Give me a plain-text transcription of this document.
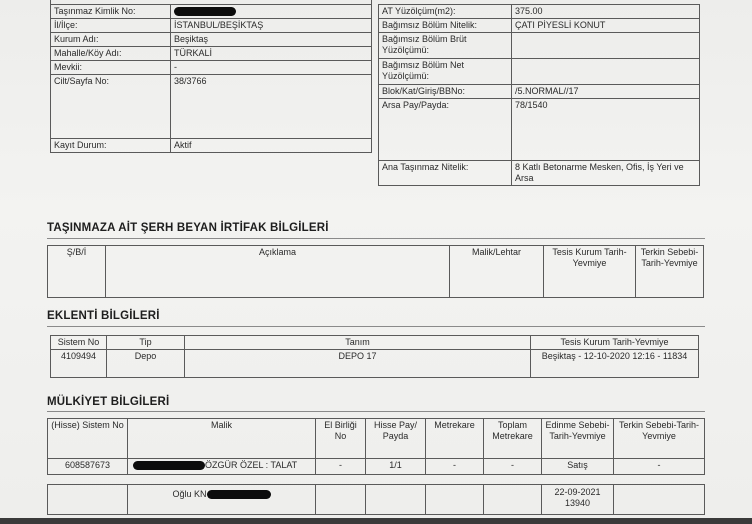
Taşınmaz Kimlik No:	
İl/İlçe:	İSTANBUL/BEŞİKTAŞ
Kurum Adı:	Beşiktaş
Mahalle/Köy Adı:	TÜRKALİ
Mevkii:	-
Cilt/Sayfa No:	38/3766
Kayıt Durum:	Aktif
AT Yüzölçüm(m2):	375.00
Bağımsız Bölüm Nitelik:	ÇATI PİYESLİ KONUT
Bağımsız Bölüm Brüt Yüzölçümü:	
Bağımsız Bölüm Net Yüzölçümü:	
Blok/Kat/Giriş/BBNo:	/5.NORMAL//17
Arsa Pay/Payda:	78/1540
Ana Taşınmaz Nitelik:	8 Katlı Betonarme Mesken, Ofis, İş Yeri ve Arsa
TAŞINMAZA AİT ŞERH BEYAN İRTİFAK BİLGİLERİ
Ş/B/İ	Açıklama	Malik/Lehtar	Tesis Kurum Tarih-Yevmiye	Terkin Sebebi-Tarih-Yevmiye
EKLENTİ BİLGİLERİ
Sistem No	Tip	Tanım	Tesis Kurum Tarih-Yevmiye
4109494	Depo	DEPO 17	Beşiktaş - 12-10-2020 12:16 - 11834
MÜLKİYET BİLGİLERİ
(Hisse) Sistem No	Malik	El Birliği No	Hisse Pay/ Payda	Metrekare	Toplam Metrekare	Edinme Sebebi-Tarih-Yevmiye	Terkin Sebebi-Tarih-Yevmiye
608587673	ÖZGÜR ÖZEL : TALAT	-	1/1	-	-	Satış	-
	Oğlu KN					22-09-2021 13940	
